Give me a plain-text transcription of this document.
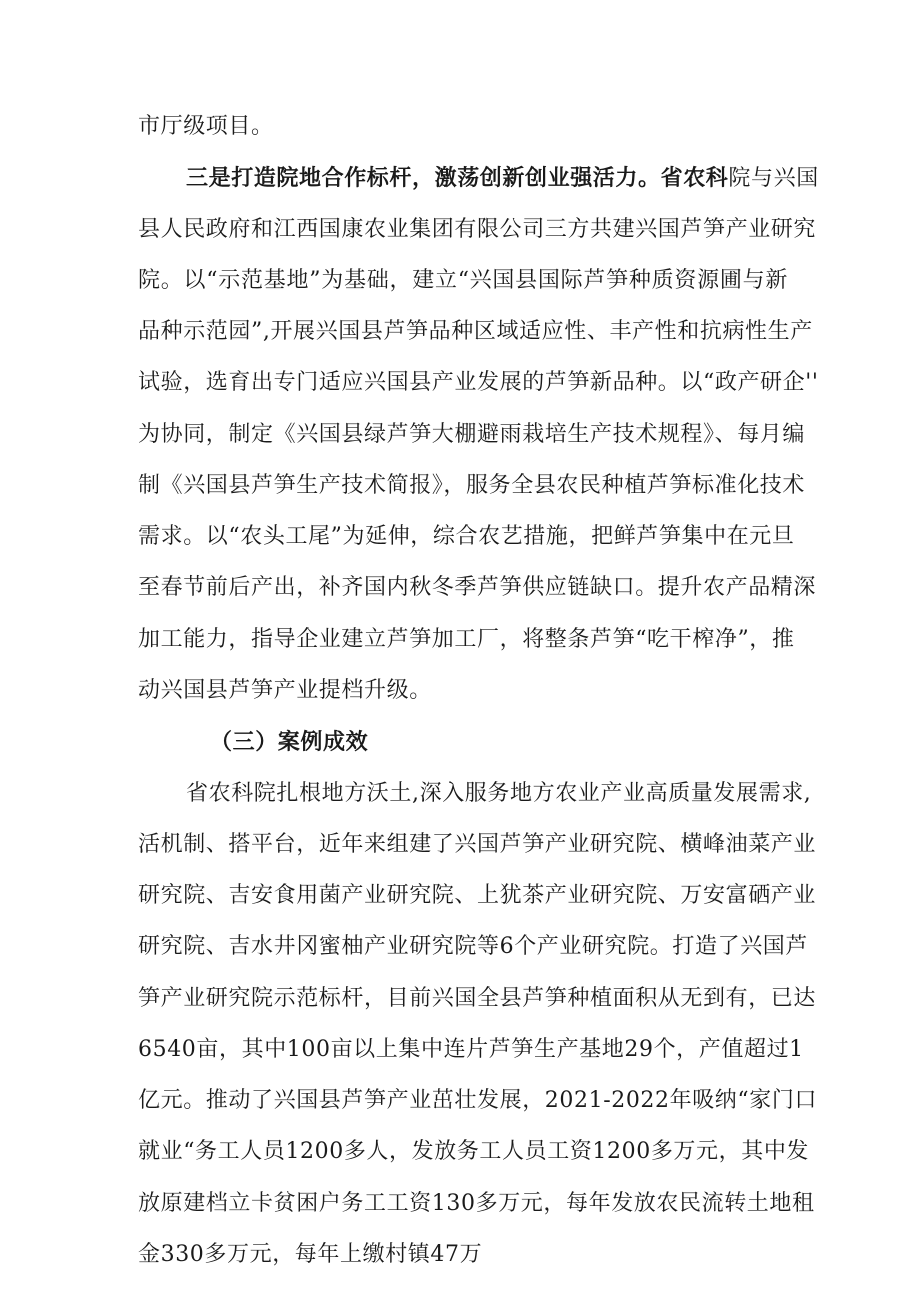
市厅级项目。
三是打造院地合作标杆，激荡创新创业强活力。省农科院与兴国
县人民政府和江西国康农业集团有限公司三方共建兴国芦笋产业研究
院。以“示范基地”为基础，建立“兴国县国际芦笋种质资源圃与新
品种示范园”,开展兴国县芦笋品种区域适应性、丰产性和抗病性生产
试验，选育出专门适应兴国县产业发展的芦笋新品种。以“政产研企''
为协同，制定《兴国县绿芦笋大棚避雨栽培生产技术规程》、每月编
制《兴国县芦笋生产技术简报》，服务全县农民种植芦笋标准化技术
需求。以“农头工尾”为延伸，综合农艺措施，把鲜芦笋集中在元旦
至春节前后产出，补齐国内秋冬季芦笋供应链缺口。提升农产品精深
加工能力，指导企业建立芦笋加工厂，将整条芦笋“吃干榨净”，推
动兴国县芦笋产业提档升级。
（三）案例成效
省农科院扎根地方沃土,深入服务地方农业产业高质量发展需求,
活机制、搭平台，近年来组建了兴国芦笋产业研究院、横峰油菜产业
研究院、吉安食用菌产业研究院、上犹茶产业研究院、万安富硒产业
研究院、吉水井冈蜜柚产业研究院等6个产业研究院。打造了兴国芦
笋产业研究院示范标杆，目前兴国全县芦笋种植面积从无到有，已达
6540亩，其中100亩以上集中连片芦笋生产基地29个，产值超过1
亿元。推动了兴国县芦笋产业茁壮发展，2021-2022年吸纳“家门口
就业“务工人员1200多人，发放务工人员工资1200多万元，其中发
放原建档立卡贫困户务工工资130多万元，每年发放农民流转土地租
金330多万元，每年上缴村镇47万
